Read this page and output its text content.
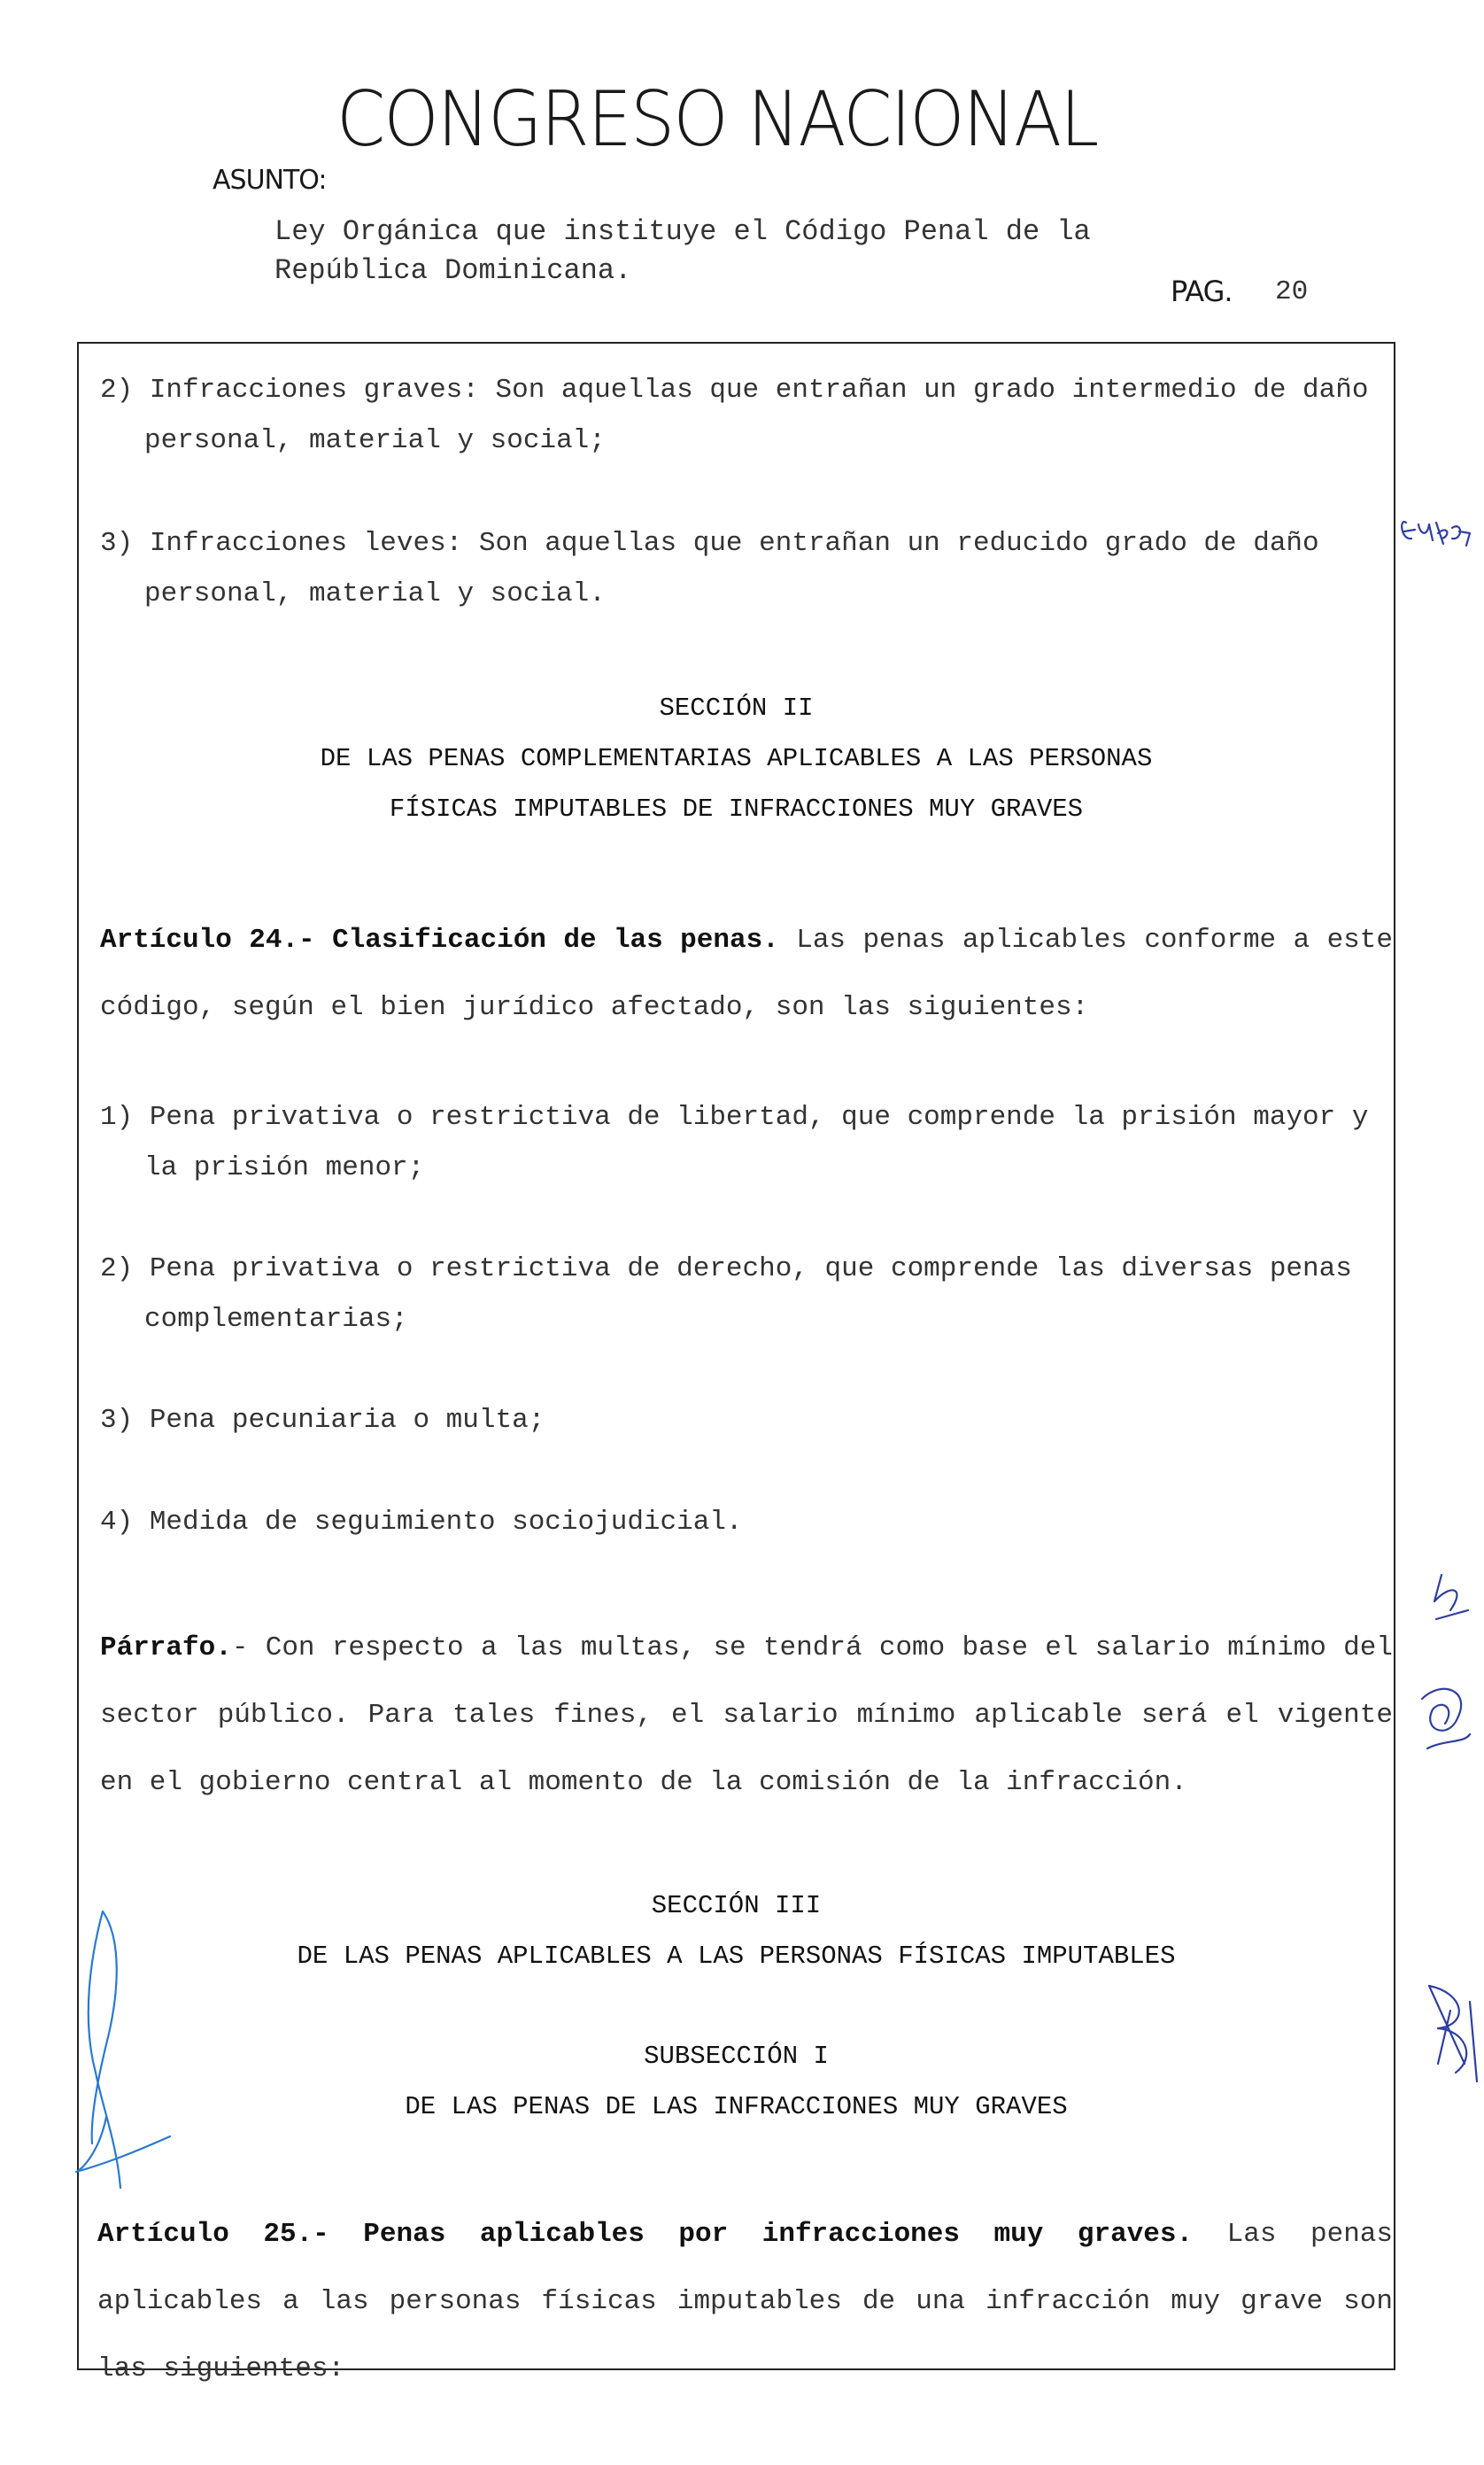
CONGRESO NACIONAL
ASUNTO:
Ley Orgánica que instituye el Código Penal de la
República Dominicana.
PAG. 20
2) Infracciones graves: Son aquellas que entrañan un grado intermedio de daño personal, material y social;
3) Infracciones leves: Son aquellas que entrañan un reducido grado de daño personal, material y social.
SECCIÓN II
DE LAS PENAS COMPLEMENTARIAS APLICABLES A LAS PERSONAS
FÍSICAS IMPUTABLES DE INFRACCIONES MUY GRAVES
Artículo 24.- Clasificación de las penas. Las penas aplicables conforme a este código, según el bien jurídico afectado, son las siguientes:
1) Pena privativa o restrictiva de libertad, que comprende la prisión mayor y la prisión menor;
2) Pena privativa o restrictiva de derecho, que comprende las diversas penas complementarias;
3) Pena pecuniaria o multa;
4) Medida de seguimiento sociojudicial.
Párrafo.- Con respecto a las multas, se tendrá como base el salario mínimo del sector público. Para tales fines, el salario mínimo aplicable será el vigente en el gobierno central al momento de la comisión de la infracción.
SECCIÓN III
DE LAS PENAS APLICABLES A LAS PERSONAS FÍSICAS IMPUTABLES
SUBSECCIÓN I
DE LAS PENAS DE LAS INFRACCIONES MUY GRAVES
Artículo 25.- Penas aplicables por infracciones muy graves. Las penas aplicables a las personas físicas imputables de una infracción muy grave son las siguientes:
